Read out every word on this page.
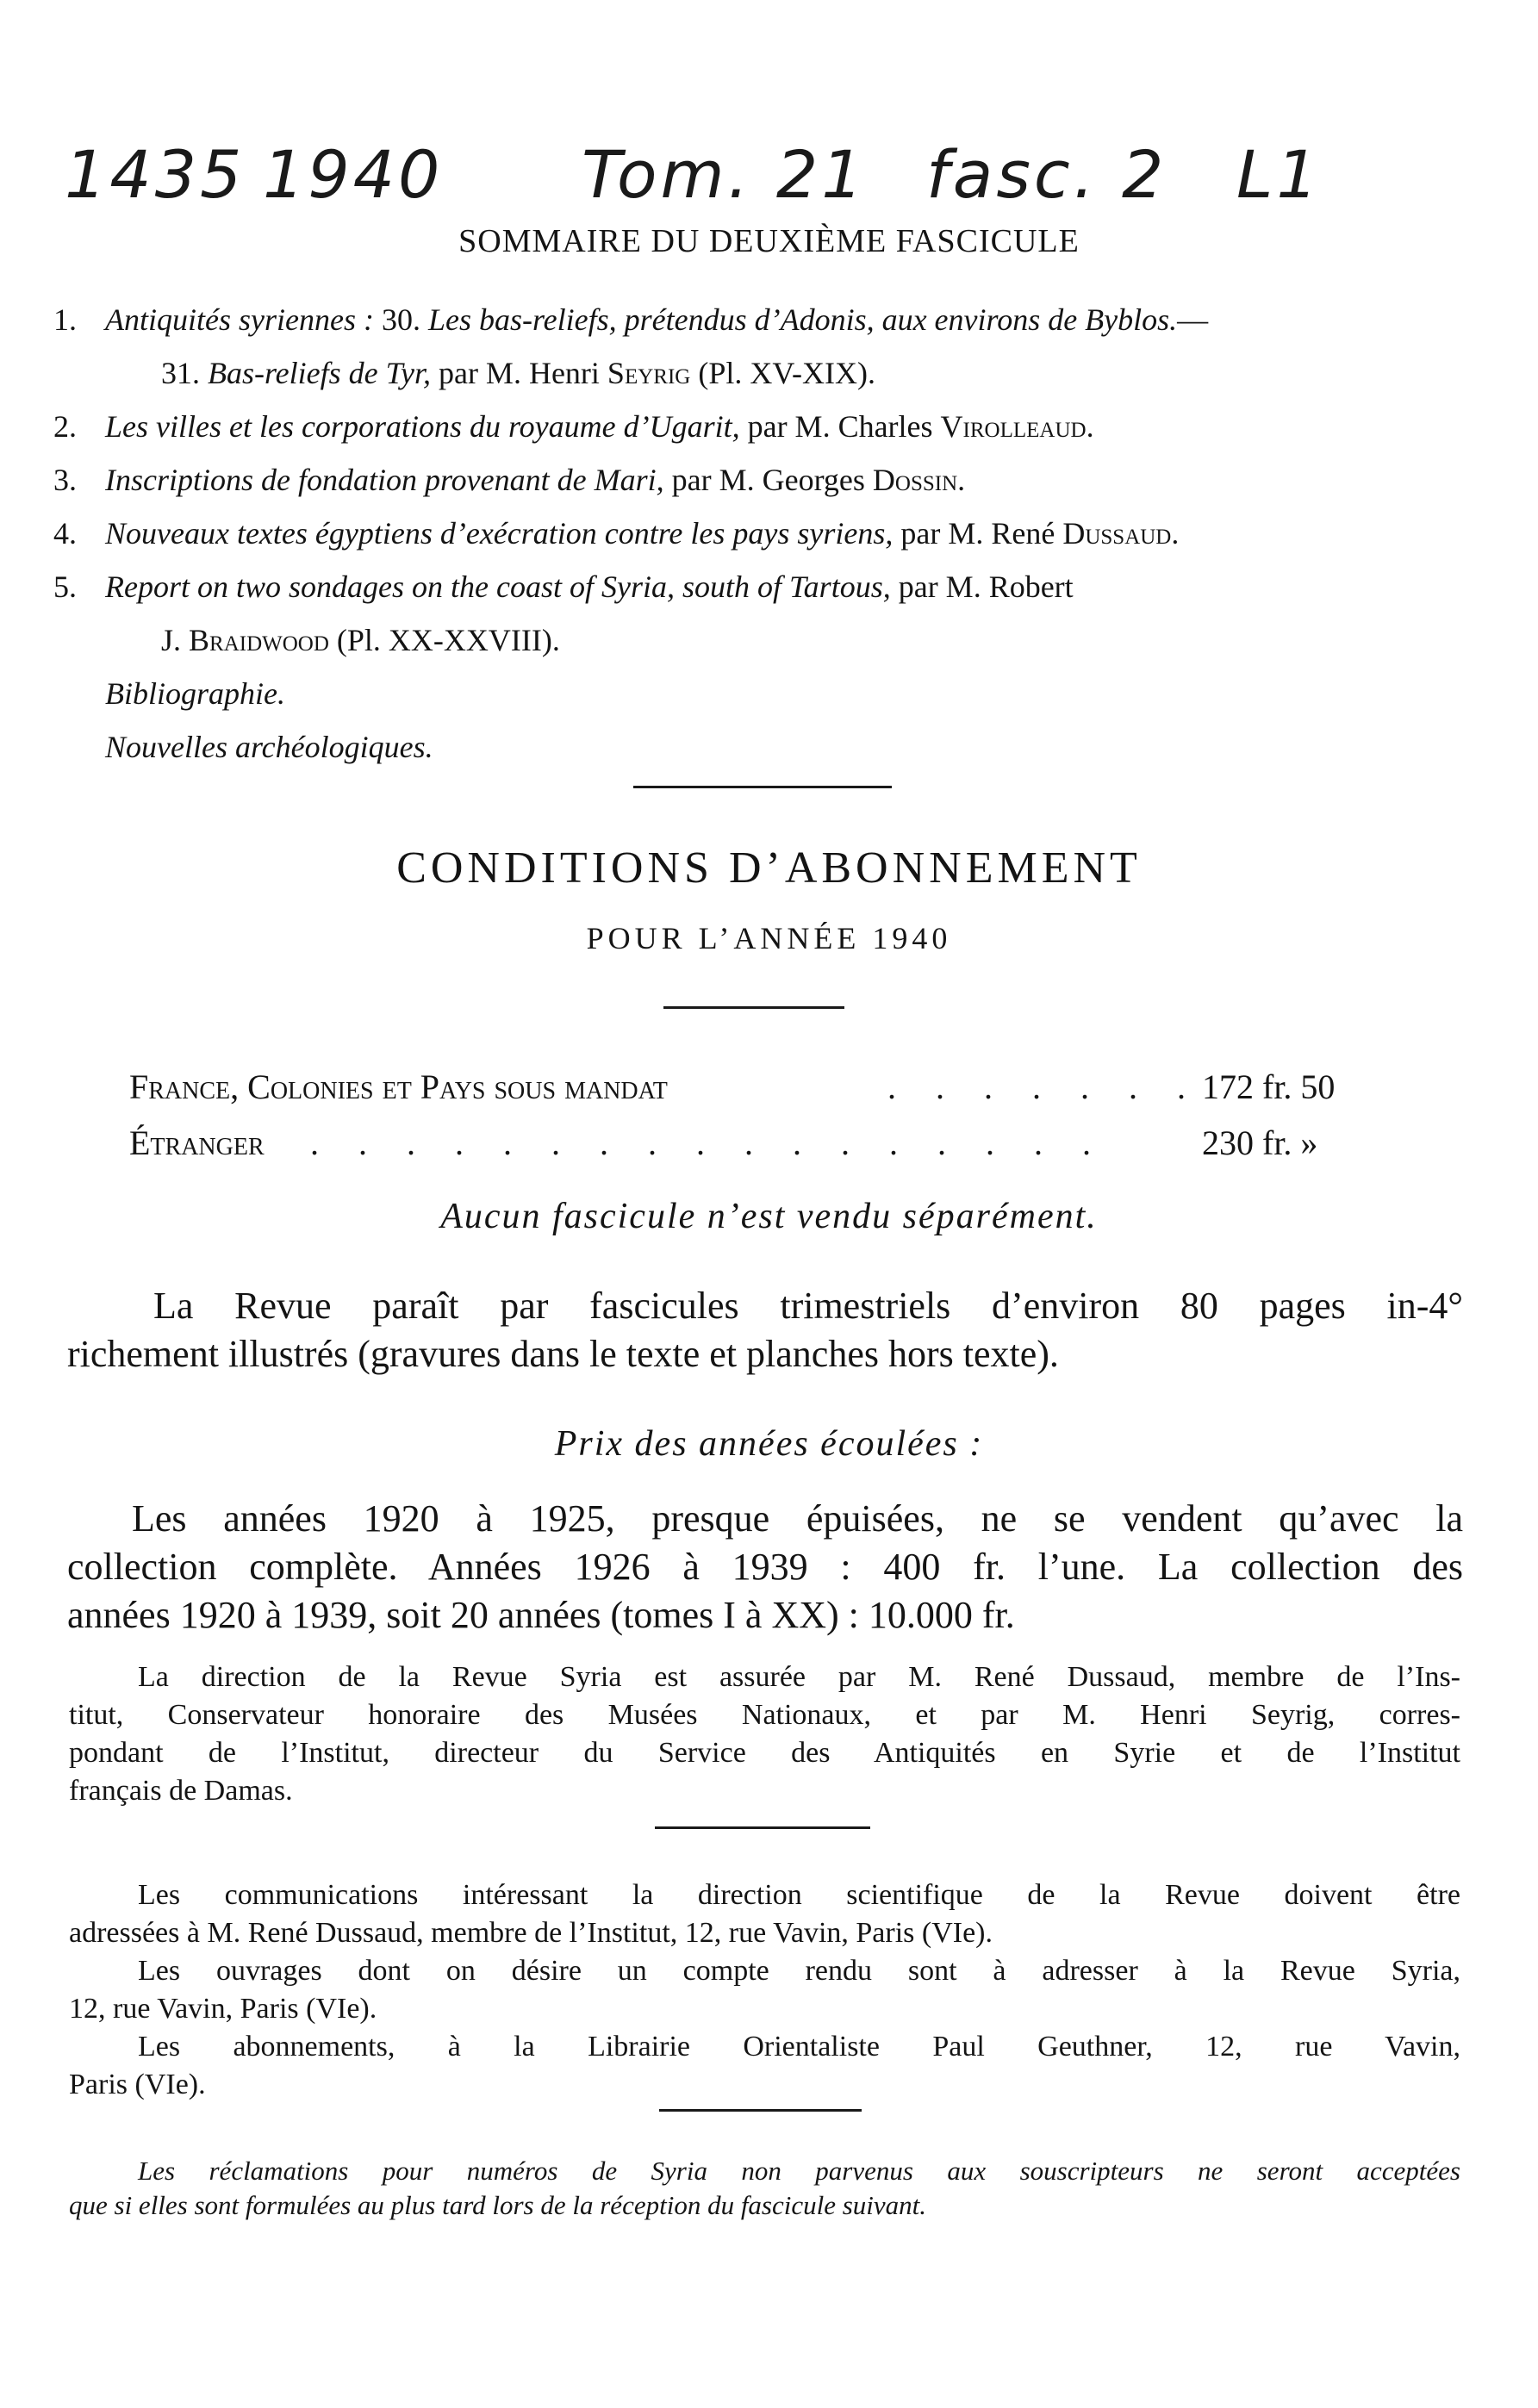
1435 1940 Tom. 21 fasc. 2 L1
SOMMAIRE DU DEUXIÈME FASCICULE
1. Antiquités syriennes : 30. Les bas-reliefs, prétendus d’Adonis, aux environs de Byblos.—
31. Bas-reliefs de Tyr, par M. Henri Seyrig (Pl. XV-XIX).
2. Les villes et les corporations du royaume d’Ugarit, par M. Charles Virolleaud.
3. Inscriptions de fondation provenant de Mari, par M. Georges Dossin.
4. Nouveaux textes égyptiens d’exécration contre les pays syriens, par M. René Dussaud.
5. Report on two sondages on the coast of Syria, south of Tartous, par M. Robert
J. Braidwood (Pl. XX-XXVIII).
Bibliographie.
Nouvelles archéologiques.
CONDITIONS D’ABONNEMENT
POUR L’ANNÉE 1940
France, Colonies et Pays sous mandat	. . . . . . . 172 fr. 50
Étranger . . . . . . . . . . . . . . . . .	230 fr. »
Aucun fascicule n’est vendu séparément.
La Revue paraît par fascicules trimestriels d’environ 80 pages in-4°
richement illustrés (gravures dans le texte et planches hors texte).
Prix des années écoulées :
Les années 1920 à 1925, presque épuisées, ne se vendent qu’avec la
collection complète. Années 1926 à 1939 : 400 fr. l’une. La collection des
années 1920 à 1939, soit 20 années (tomes I à XX) : 10.000 fr.
La direction de la Revue Syria est assurée par M. René Dussaud, membre de l’Ins-
titut, Conservateur honoraire des Musées Nationaux, et par M. Henri Seyrig, corres-
pondant de l’Institut, directeur du Service des Antiquités en Syrie et de l’Institut
français de Damas.
Les communications intéressant la direction scientifique de la Revue doivent être
adressées à M. René Dussaud, membre de l’Institut, 12, rue Vavin, Paris (VIe).
Les ouvrages dont on désire un compte rendu sont à adresser à la Revue Syria,
12, rue Vavin, Paris (VIe).
Les abonnements, à la Librairie Orientaliste Paul Geuthner, 12, rue Vavin,
Paris (VIe).
Les réclamations pour numéros de Syria non parvenus aux souscripteurs ne seront acceptées
que si elles sont formulées au plus tard lors de la réception du fascicule suivant.
